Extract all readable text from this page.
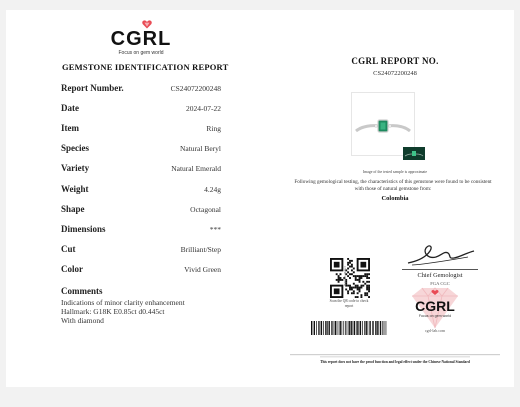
CGRL
Focus on gem world
GEMSTONE IDENTIFICATION REPORT
Report Number.	CS24072200248
Date	2024-07-22
Item	Ring
Species	Natural Beryl
Variety	Natural Emerald
Weight	4.24g
Shape	Octagonal
Dimensions	***
Cut	Brilliant/Step
Color	Vivid Green
Comments
Indications of minor clarity enhancement
Hallmark: G18K E0.85ct d0.445ct
With diamond
CGRL REPORT NO.
CS24072200248
Image of the tested sample is approximate
Following gemological testing, the characteristics of this gemstone were found to be consistent with those of natural gemstone from:
Colombia
CS24072200248
Scan the QR code to check report
Chief Gemologist
FGA CGC
CGRL
Focus on gem world
cgrl-lab.com
This report does not have the proof function and legal effect under the Chinese National Standard
